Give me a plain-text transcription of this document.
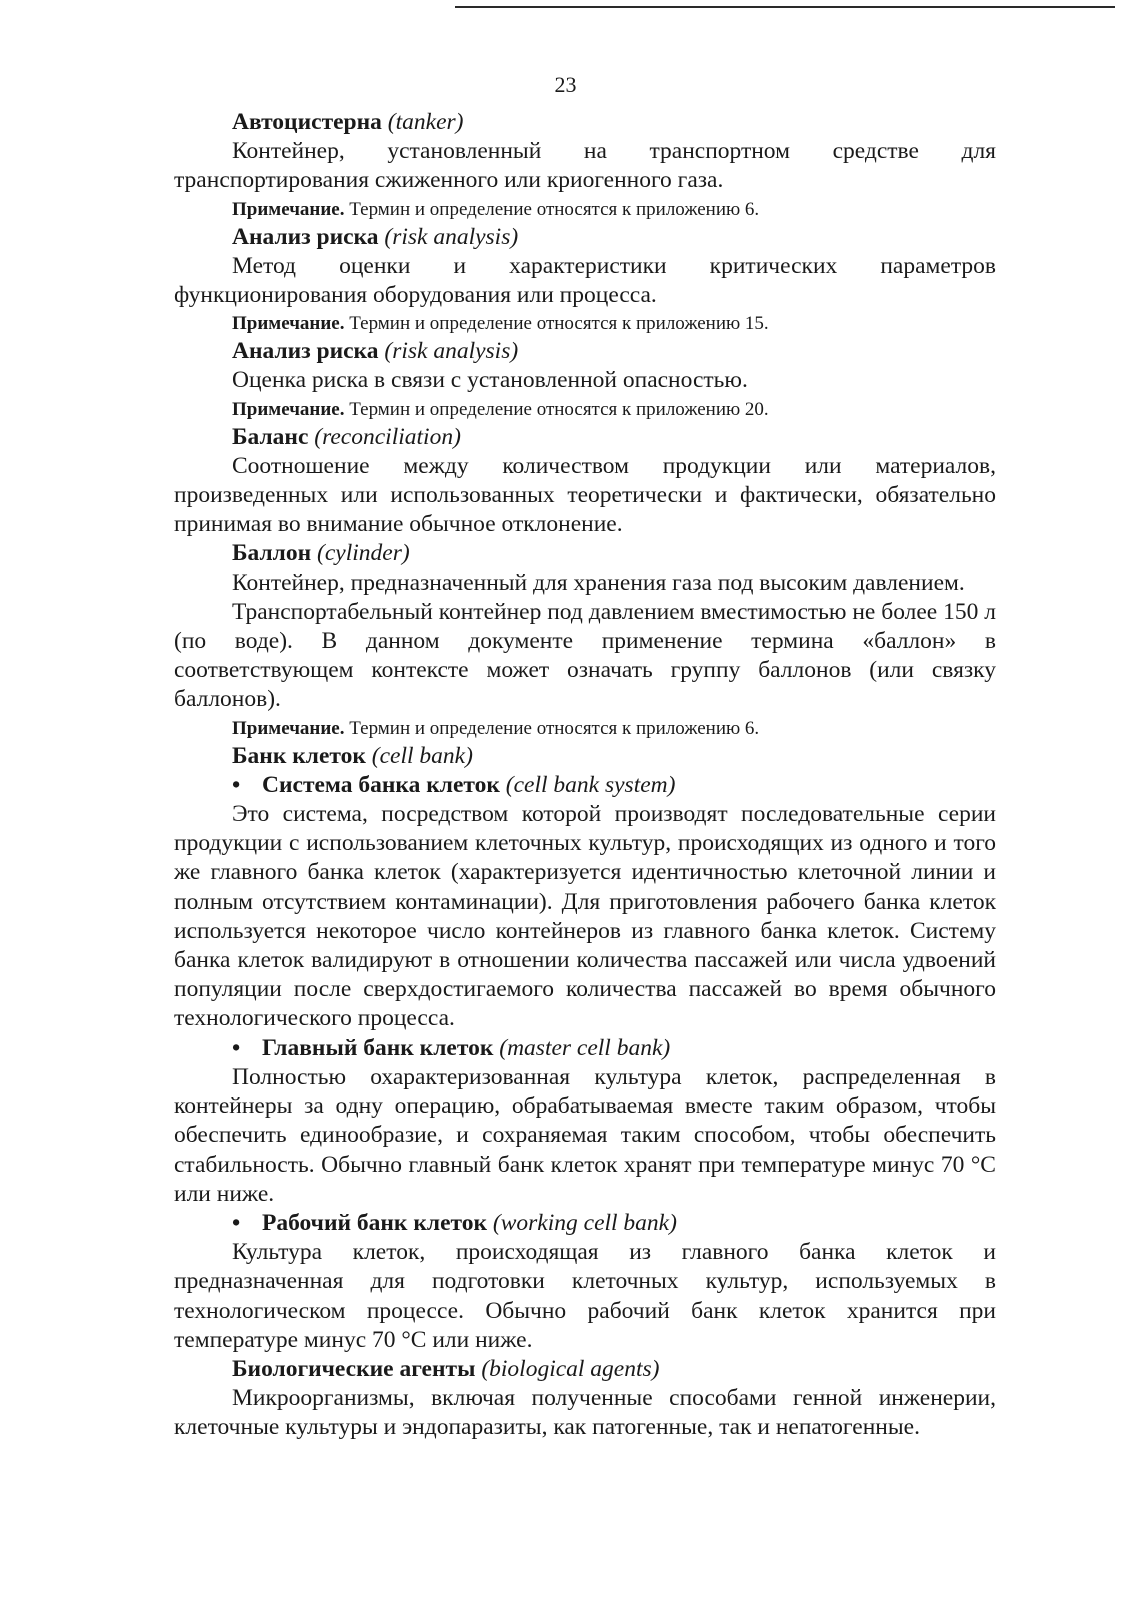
23
Автоцистерна (tanker)

Контейнер, установленный на транспортном средстве для транспортирования сжиженного или криогенного газа.

Примечание. Термин и определение относятся к приложению 6.
Анализ риска (risk analysis)

Метод оценки и характеристики критических параметров функционирования оборудования или процесса.

Примечание. Термин и определение относятся к приложению 15.
Анализ риска (risk analysis)

Оценка риска в связи с установленной опасностью.

Примечание. Термин и определение относятся к приложению 20.
Баланс (reconciliation)

Соотношение между количеством продукции или материалов, произведенных или использованных теоретически и фактически, обязательно принимая во внимание обычное отклонение.

Баллон (cylinder)

Контейнер, предназначенный для хранения газа под высоким давлением.

Транспортабельный контейнер под давлением вместимостью не более 150 л (по воде). В данном документе применение термина «баллон» в соответствующем контексте может означать группу баллонов (или связку баллонов).

Примечание. Термин и определение относятся к приложению 6.
Банк клеток (cell bank)
• Система банка клеток (cell bank system)

Это система, посредством которой производят последовательные серии продукции с использованием клеточных культур, происходящих из одного и того же главного банка клеток (характеризуется идентичностью клеточной линии и полным отсутствием контаминации). Для приготовления рабочего банка клеток используется некоторое число контейнеров из главного банка клеток. Систему банка клеток валидируют в отношении количества пассажей или числа удвоений популяции после сверхдостигаемого количества пассажей во время обычного технологического процесса.

• Главный банк клеток (master cell bank)

Полностью охарактеризованная культура клеток, распределенная в контейнеры за одну операцию, обрабатываемая вместе таким образом, чтобы обеспечить единообразие, и сохраняемая таким способом, чтобы обеспечить стабильность. Обычно главный банк клеток хранят при температуре минус 70 °С или ниже.

• Рабочий банк клеток (working cell bank)

Культура клеток, происходящая из главного банка клеток и предназначенная для подготовки клеточных культур, используемых в технологическом процессе. Обычно рабочий банк клеток хранится при температуре минус 70 °С или ниже.

Биологические агенты (biological agents)

Микроорганизмы, включая полученные способами генной инженерии, клеточные культуры и эндопаразиты, как патогенные, так и непатогенные.
